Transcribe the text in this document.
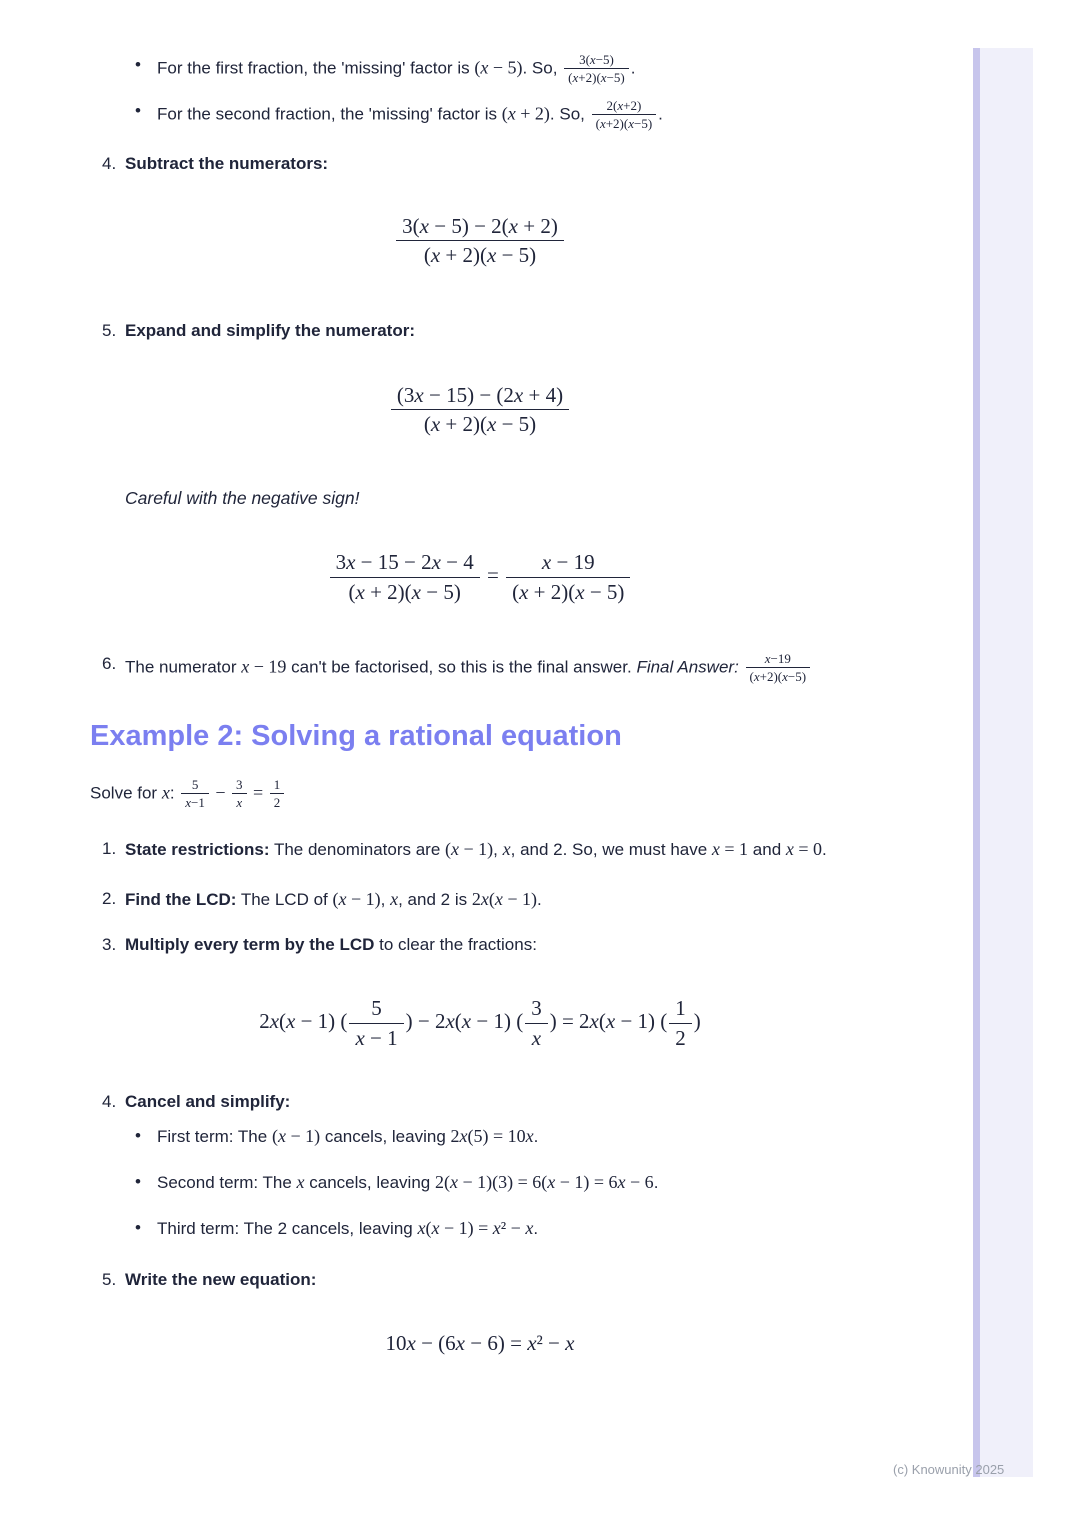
• For the first fraction, the 'missing' factor is (x − 5). So, $\frac{3(x-5)}{(x+2)(x-5)}$ .
• For the second fraction, the 'missing' factor is (x + 2). So, $\frac{2(x+2)}{(x+2)(x-5)}$ .
4. Subtract the numerators:
$\frac{3(x - 5) - 2(x + 2)}{(x + 2)(x - 5)}$
5. Expand and simplify the numerator:
$\frac{(3x - 15) - (2x + 4)}{(x + 2)(x - 5)}$
Careful with the negative sign!
$\frac{3x - 15 - 2x - 4}{(x + 2)(x - 5)} = \frac{x - 19}{(x + 2)(x - 5)}$
6. The numerator x − 19 can't be factorised, so this is the final answer. Final Answer: $\frac{x-19}{(x+2)(x-5)}$
Example 2: Solving a rational equation
Solve for x: $\frac{5}{x-1} - \frac{3}{x} = \frac{1}{2}$
1. State restrictions: The denominators are (x − 1), x, and 2. So, we must have x = 1 and x = 0.
2. Find the LCD: The LCD of (x − 1), x, and 2 is 2x(x − 1).
3. Multiply every term by the LCD to clear the fractions:
2x(x − 1) ( $\frac{5}{x - 1}$ ) − 2x(x − 1) ( $\frac{3}{x}$ ) = 2x(x − 1) ( $\frac{1}{2}$ )
4. Cancel and simplify:
• First term: The (x − 1) cancels, leaving 2x(5) = 10x.
• Second term: The x cancels, leaving 2(x − 1)(3) = 6(x − 1) = 6x − 6.
• Third term: The 2 cancels, leaving x(x − 1) = x² − x.
5. Write the new equation:
10x − (6x − 6) = x² − x
(c) Knowunity 2025
